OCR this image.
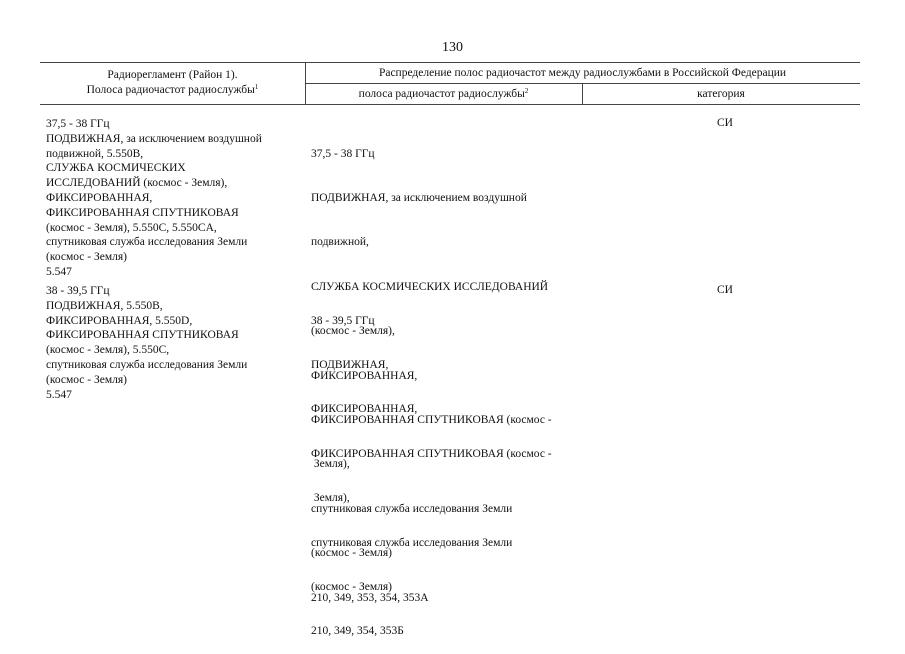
130
Радиорегламент (Район 1).
Полоса радиочастот радиослужбы$^1$
Распределение полос радиочастот между радиослужбами в Российской Федерации
полоса радиочастот радиослужбы$^2$	категория
37,5 - 38 ГГц
ПОДВИЖНАЯ, за исключением воздушной
подвижной, 5.550B,
СЛУЖБА КОСМИЧЕСКИХ
ИССЛЕДОВАНИЙ (космос - Земля),
ФИКСИРОВАННАЯ,
ФИКСИРОВАННАЯ СПУТНИКОВАЯ
(космос - Земля), 5.550C, 5.550CA,
спутниковая служба исследования Земли
(космос - Земля)
5.547

37,5 - 38 ГГц

ПОДВИЖНАЯ, за исключением воздушной

подвижной,

СЛУЖБА КОСМИЧЕСКИХ ИССЛЕДОВАНИЙ

(космос - Земля),

ФИКСИРОВАННАЯ,

ФИКСИРОВАННАЯ СПУТНИКОВАЯ (космос -

Земля),

спутниковая служба исследования Земли

(космос - Земля)

210, 349, 353, 354, 353A

СИ
38 - 39,5 ГГц
ПОДВИЖНАЯ, 5.550B,
ФИКСИРОВАННАЯ, 5.550D,
ФИКСИРОВАННАЯ СПУТНИКОВАЯ
(космос - Земля), 5.550C,
спутниковая служба исследования Земли
(космос - Земля)
5.547

38 - 39,5 ГГц

ПОДВИЖНАЯ,

ФИКСИРОВАННАЯ,

ФИКСИРОВАННАЯ СПУТНИКОВАЯ (космос -

Земля),

спутниковая служба исследования Земли

(космос - Земля)

210, 349, 354, 353Б

СИ
